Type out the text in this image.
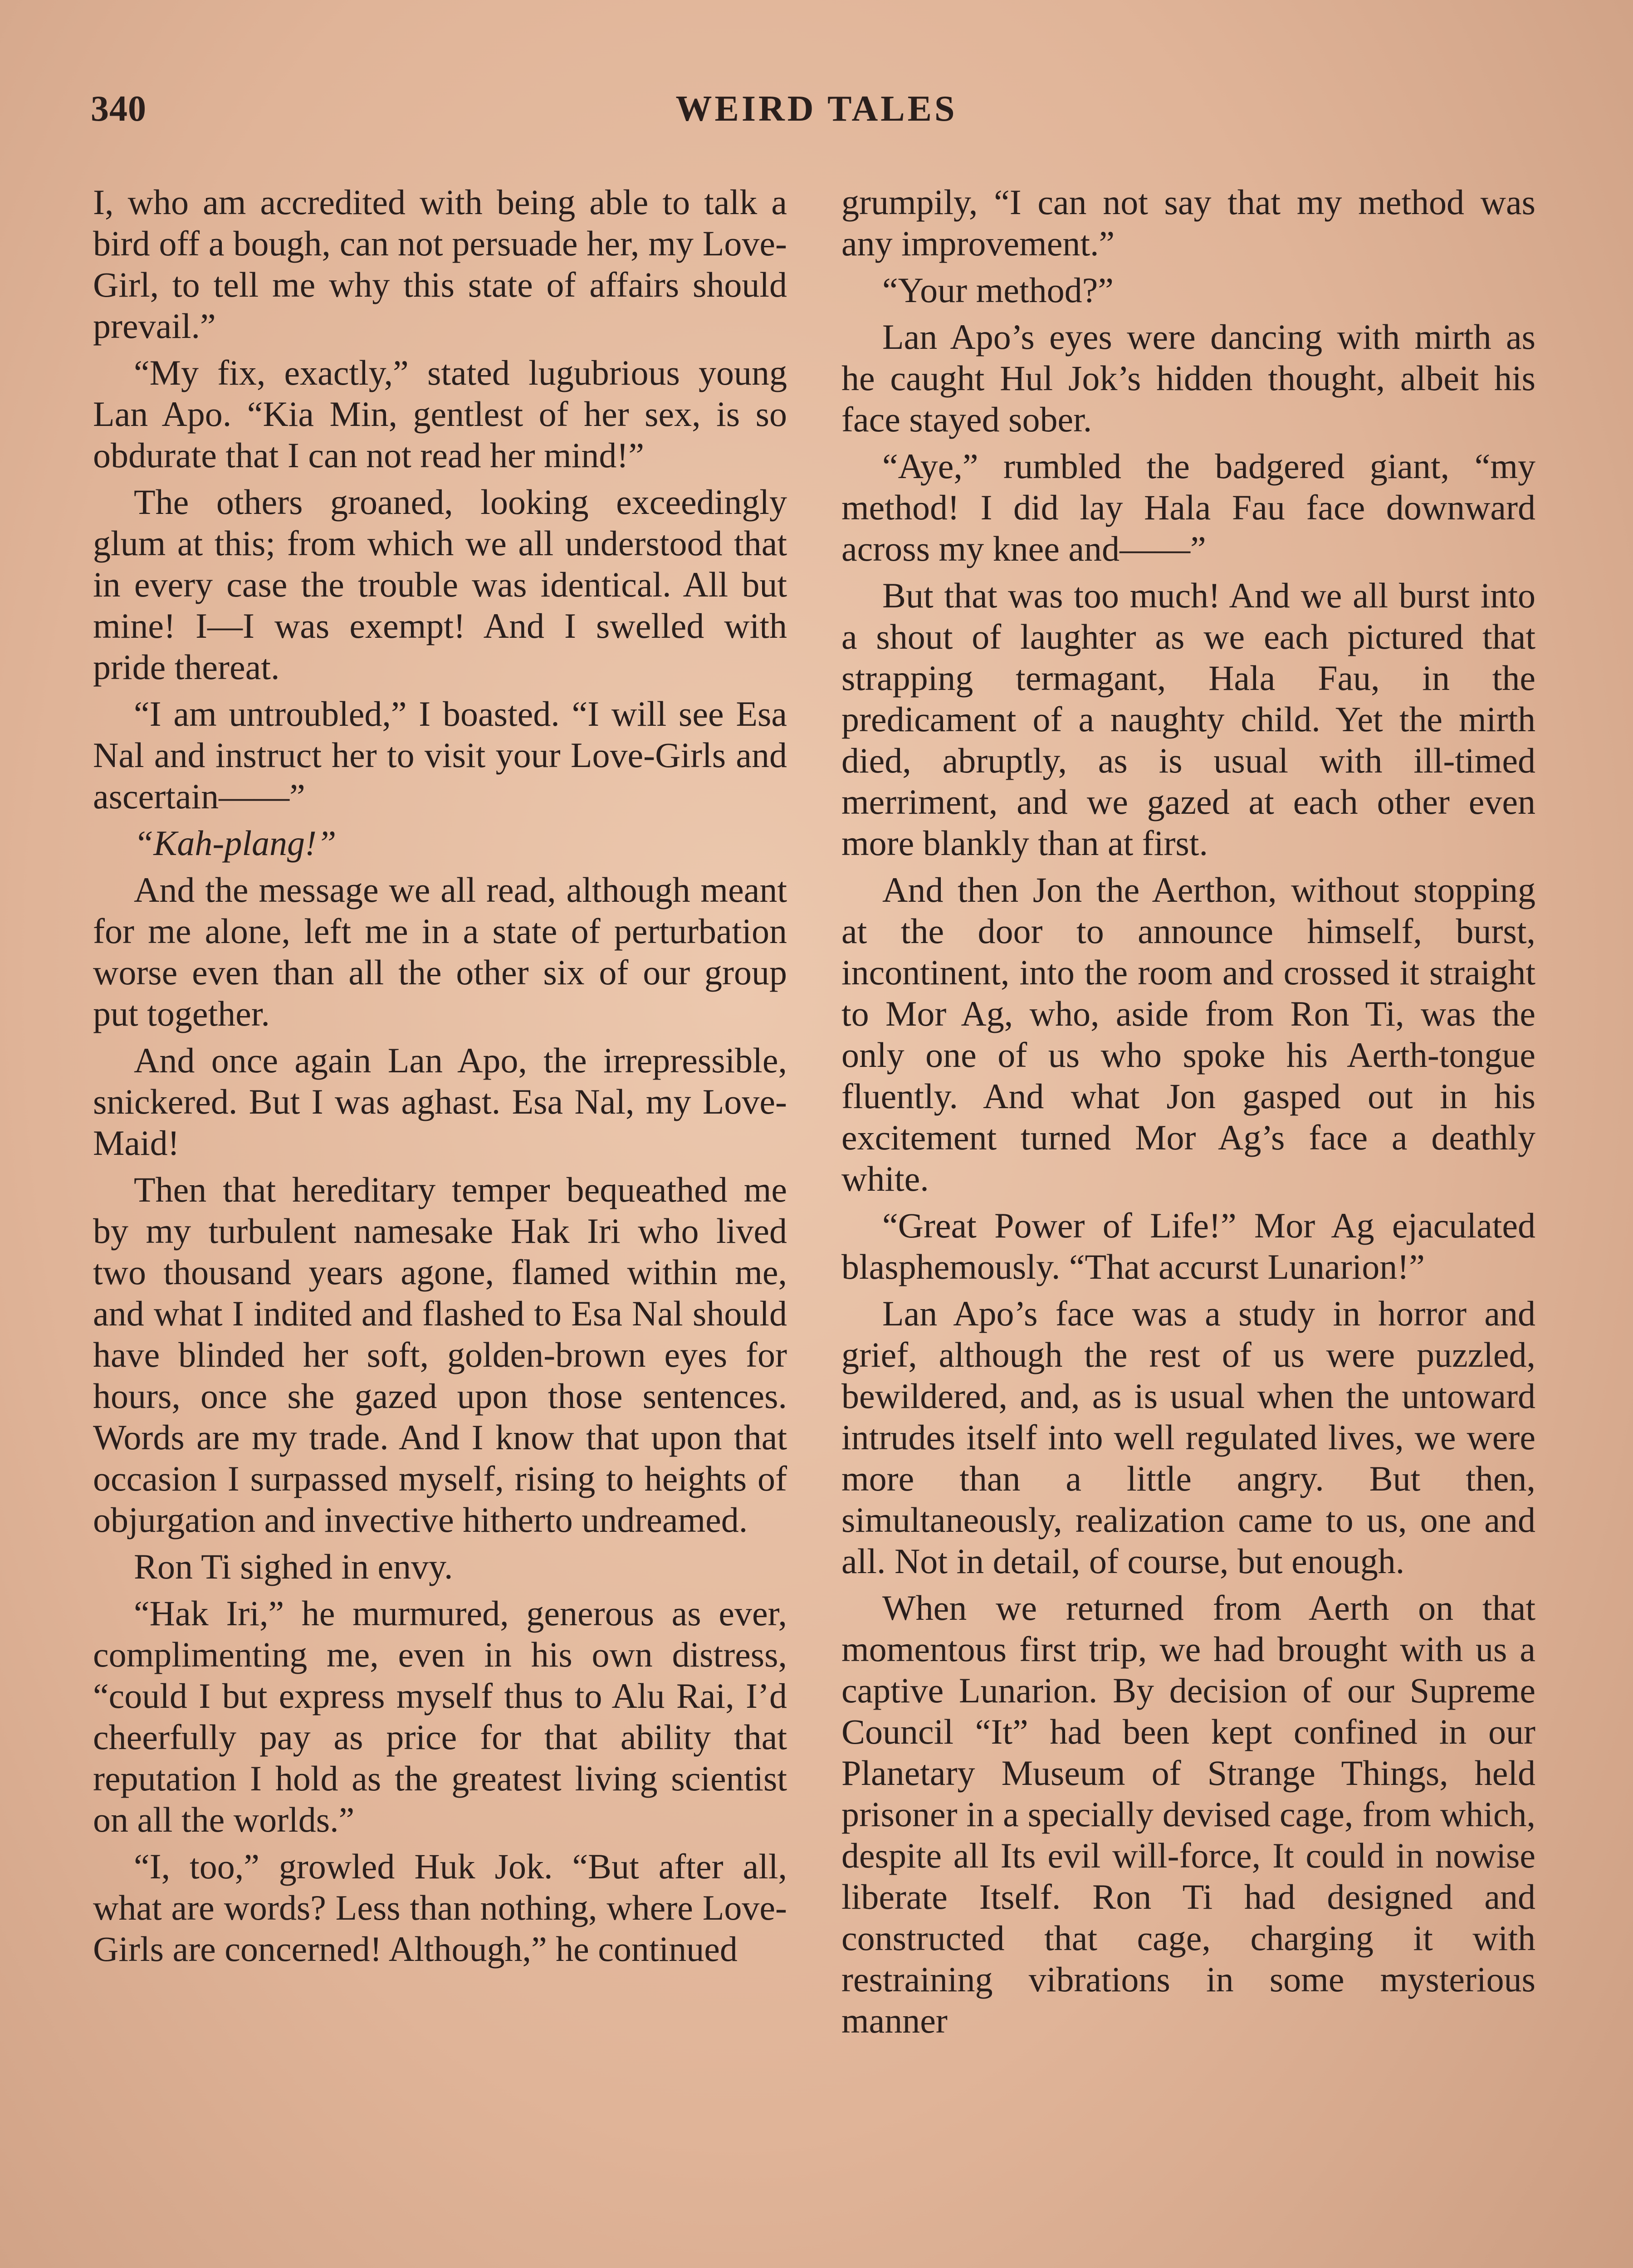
340	WEIRD TALES

I, who am accredited with being able to talk a bird off a bough, can not persuade her, my Love-Girl, to tell me why this state of affairs should prevail.”

“My fix, exactly,” stated lugubrious young Lan Apo. “Kia Min, gentlest of her sex, is so obdurate that I can not read her mind!”

The others groaned, looking exceedingly glum at this; from which we all understood that in every case the trouble was identical. All but mine! I—I was exempt! And I swelled with pride thereat.

“I am untroubled,” I boasted. “I will see Esa Nal and instruct her to visit your Love-Girls and ascertain——”

“Kah-plang!”

And the message we all read, although meant for me alone, left me in a state of perturbation worse even than all the other six of our group put together.

And once again Lan Apo, the irrepressible, snickered. But I was aghast. Esa Nal, my Love-Maid!

Then that hereditary temper bequeathed me by my turbulent namesake Hak Iri who lived two thousand years agone, flamed within me, and what I indited and flashed to Esa Nal should have blinded her soft, golden-brown eyes for hours, once she gazed upon those sentences. Words are my trade. And I know that upon that occasion I surpassed myself, rising to heights of objurgation and invective hitherto undreamed.

Ron Ti sighed in envy.

“Hak Iri,” he murmured, generous as ever, complimenting me, even in his own distress, “could I but express myself thus to Alu Rai, I’d cheerfully pay as price for that ability that reputation I hold as the greatest living scientist on all the worlds.”

“I, too,” growled Huk Jok. “But after all, what are words? Less than nothing, where Love-Girls are concerned! Although,” he continued

grumpily, “I can not say that my method was any improvement.”

“Your method?”

Lan Apo’s eyes were dancing with mirth as he caught Hul Jok’s hidden thought, albeit his face stayed sober.

“Aye,” rumbled the badgered giant, “my method! I did lay Hala Fau face downward across my knee and——”

But that was too much! And we all burst into a shout of laughter as we each pictured that strapping termagant, Hala Fau, in the predicament of a naughty child. Yet the mirth died, abruptly, as is usual with ill-timed merriment, and we gazed at each other even more blankly than at first.

And then Jon the Aerthon, without stopping at the door to announce himself, burst, incontinent, into the room and crossed it straight to Mor Ag, who, aside from Ron Ti, was the only one of us who spoke his Aerth-tongue fluently. And what Jon gasped out in his excitement turned Mor Ag’s face a deathly white.

“Great Power of Life!” Mor Ag ejaculated blasphemously. “That accurst Lunarion!”

Lan Apo’s face was a study in horror and grief, although the rest of us were puzzled, bewildered, and, as is usual when the untoward intrudes itself into well regulated lives, we were more than a little angry. But then, simultaneously, realization came to us, one and all. Not in detail, of course, but enough.

When we returned from Aerth on that momentous first trip, we had brought with us a captive Lunarion. By decision of our Supreme Council “It” had been kept confined in our Planetary Museum of Strange Things, held prisoner in a specially devised cage, from which, despite all Its evil will-force, It could in nowise liberate Itself. Ron Ti had designed and constructed that cage, charging it with restraining vibrations in some mysterious manner
